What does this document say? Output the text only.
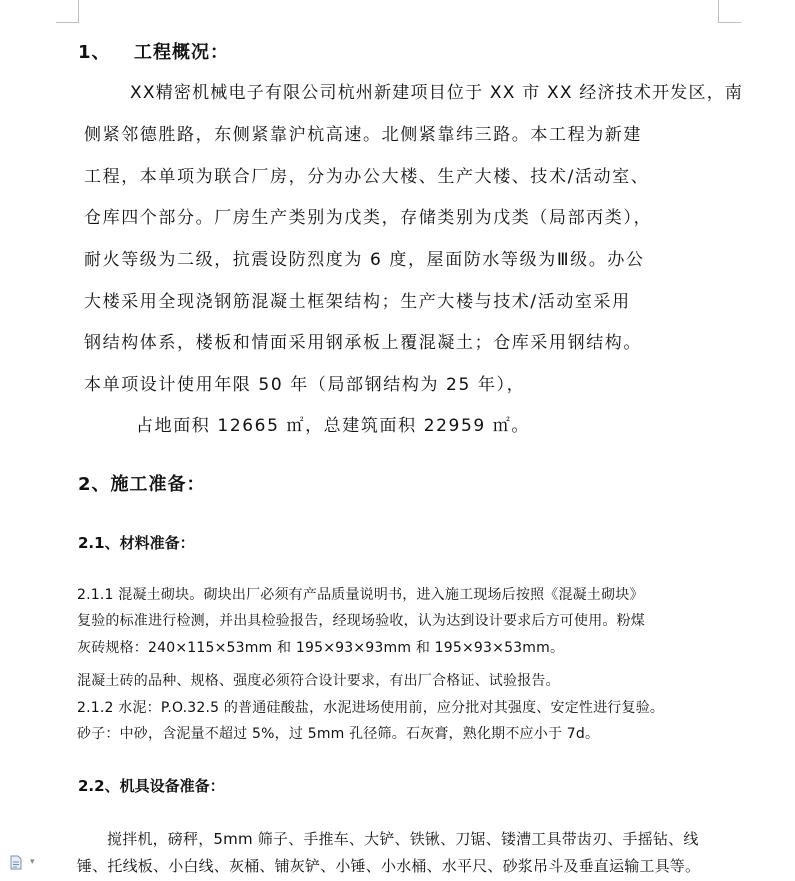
1、 工程概况：
XX精密机械电子有限公司杭州新建项目位于 XX 市 XX 经济技术开发区，南
侧紧邻德胜路，东侧紧靠沪杭高速。北侧紧靠纬三路。本工程为新建
工程，本单项为联合厂房，分为办公大楼、生产大楼、技术/活动室、
仓库四个部分。厂房生产类别为戊类，存储类别为戊类（局部丙类），
耐火等级为二级，抗震设防烈度为 6 度，屋面防水等级为Ⅲ级。办公
大楼采用全现浇钢筋混凝土框架结构；生产大楼与技术/活动室采用
钢结构体系，楼板和情面采用钢承板上覆混凝土；仓库采用钢结构。
本单项设计使用年限 50 年（局部钢结构为 25 年），
占地面积 12665 ㎡，总建筑面积 22959 ㎡。
2、施工准备：
2.1、材料准备：
2.1.1 混凝土砌块。砌块出厂必须有产品质量说明书，进入施工现场后按照《混凝土砌块》
复验的标准进行检测，并出具检验报告，经现场验收，认为达到设计要求后方可使用。粉煤
灰砖规格：240×115×53mm 和 195×93×93mm 和 195×93×53mm。
混凝土砖的品种、规格、强度必须符合设计要求，有出厂合格证、试验报告。
2.1.2 水泥：P.O.32.5 的普通硅酸盐，水泥进场使用前，应分批对其强度、安定性进行复验。
砂子：中砂，含泥量不超过 5%，过 5mm 孔径筛。石灰膏，熟化期不应小于 7d。
2.2、机具设备准备：
搅拌机，磅秤，5mm 筛子、手推车、大铲、铁锹、刀锯、镂漕工具带齿刃、手摇钻、线
锤、托线板、小白线、灰桶、铺灰铲、小锤、小水桶、水平尺、砂浆吊斗及垂直运输工具等。
▾
